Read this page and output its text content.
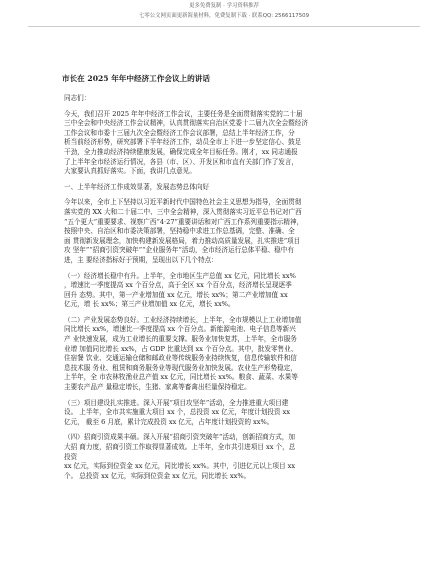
更多免费复制 · 学习资料推荐
七零公文网页面更新海量材料，免费复制下载 · 联系QQ: 2566117509
市长在 2025 年年中经济工作会议上的讲话
同志们：
今天，我们召开 2025 年年中经济工作会议，主要任务是全面贯彻落实党的二十届
三中全会和中央经济工作会议精神，认真贯彻落实自治区党委十二届九次全会暨经济
工作会议和市委十三届九次全会暨经济工作会议部署，总结上半年经济工作，分
析当前经济形势，研究部署下半年经济工作，动员全市上下进一步坚定信心、鼓足
干劲，全力推动经济持续健康发展，确保完成全年目标任务。刚才，xx 同志通报
了上半年全市经济运行情况，各县（市、区）、开发区和市直有关部门作了发言，
大家要认真抓好落实。下面，我讲几点意见。
一、上半年经济工作成效显著，发展态势总体向好
今年以来，全市上下坚持以习近平新时代中国特色社会主义思想为指导，全面贯彻
落实党的 XX 大和二十届二中、三中全会精神，深入贯彻落实习近平总书记对广西
“五个更大”重要要求、视察广西“4·27”重要讲话和对广西工作系列重要指示精神，
按照中央、自治区和市委决策部署，坚持稳中求进工作总基调，完整、准确、全
面 贯彻新发展理念，加快构建新发展格局，着力推动高质量发展，扎实推进“项目
攻 坚年”“招商引资突破年”“企业服务年”活动，全市经济运行总体平稳、稳中有
进，主 要经济指标好于预期，呈现出以下几个特点：
（一）经济增长稳中有升。上半年，全市地区生产总值 xx 亿元，同比增长 xx%
，增速比一季度提高 xx 个百分点，高于全区 xx 个百分点，经济增长呈现逐季
回升 态势。其中，第一产业增加值 xx 亿元，增长 xx%；第二产业增加值 xx
亿元，增 长 xx%；第三产业增加值 xx 亿元，增长 xx%。
（二）产业发展态势良好。工业经济持续增长，上半年，全市规模以上工业增加值
同比增长 xx%，增速比一季度提高 xx 个百分点。新能源电池、电子信息等新兴
产 业快速发展，成为工业增长的重要支撑。服务业加快复苏，上半年，全市服务
业增 加值同比增长 xx%，占 GDP 比重达到 xx 个百分点。其中，批发零售业、
住宿餐 饮业、交通运输仓储和邮政业等传统服务业持续恢复，信息传输软件和信
息技术服 务业、租赁和商务服务业等现代服务业加快发展。农业生产形势稳定，
上半年，全 市农林牧渔业总产值 xx 亿元，同比增长 xx%。粮食、蔬菜、水果等
主要农产品产 量稳定增长，生猪、家禽等畜禽出栏量保持稳定。
（三）项目建设扎实推进。深入开展“项目攻坚年”活动，全力推进重大项目建
设。 上半年，全市共实施重大项目 xx 个，总投资 xx 亿元，年度计划投资 xx
亿元， 截至 6 月底，累计完成投资 xx 亿元，占年度计划投资的 xx%。
（四）招商引资成果丰硕。深入开展“招商引资突破年”活动，创新招商方式，加
大招 商力度，招商引资工作取得显著成效。上半年，全市共引进项目 xx 个，总
投资
xx 亿元，实际到位资金 xx 亿元，同比增长 xx%。其中，引进亿元以上项目 xx
个。 总投资 xx 亿元，实际到位资金 xx 亿元，同比增长 xx%。
